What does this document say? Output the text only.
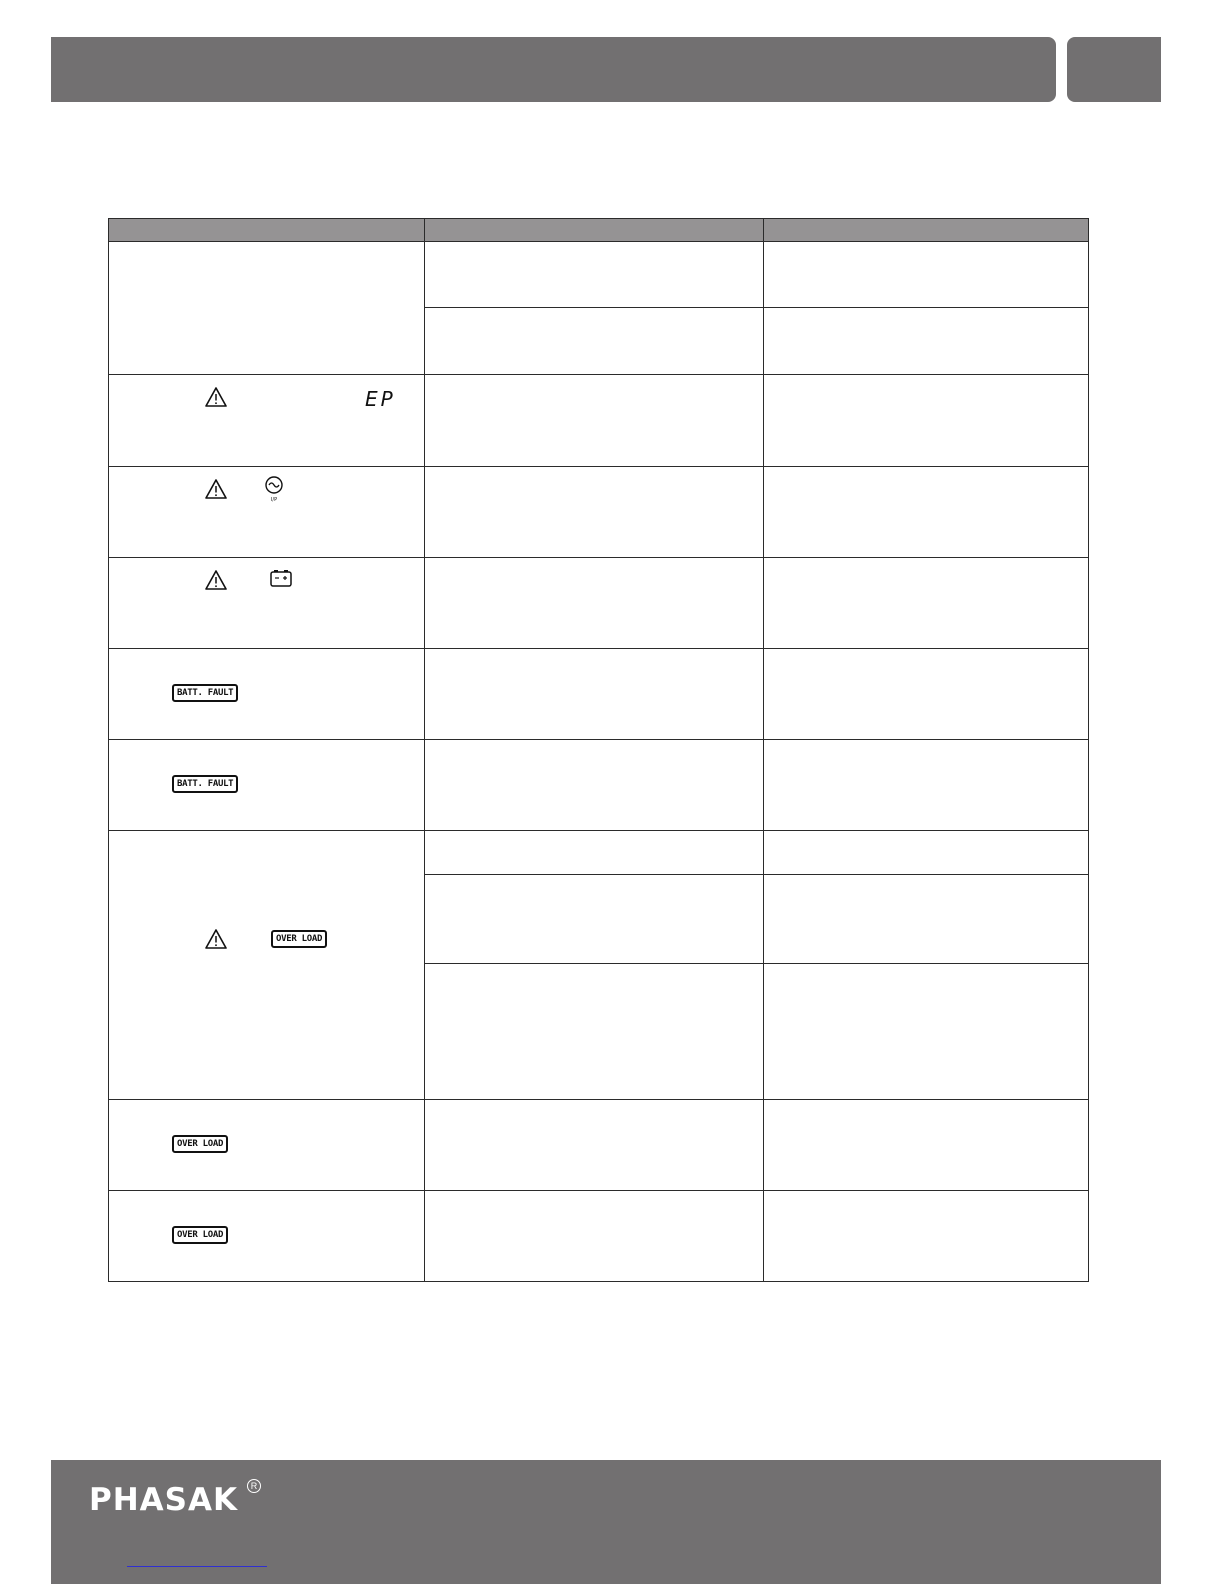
EP		

I/P		

BATT. FAULT		

BATT. FAULT		

OVER LOAD		

OVER LOAD		

OVER LOAD		

PHASAK	R
